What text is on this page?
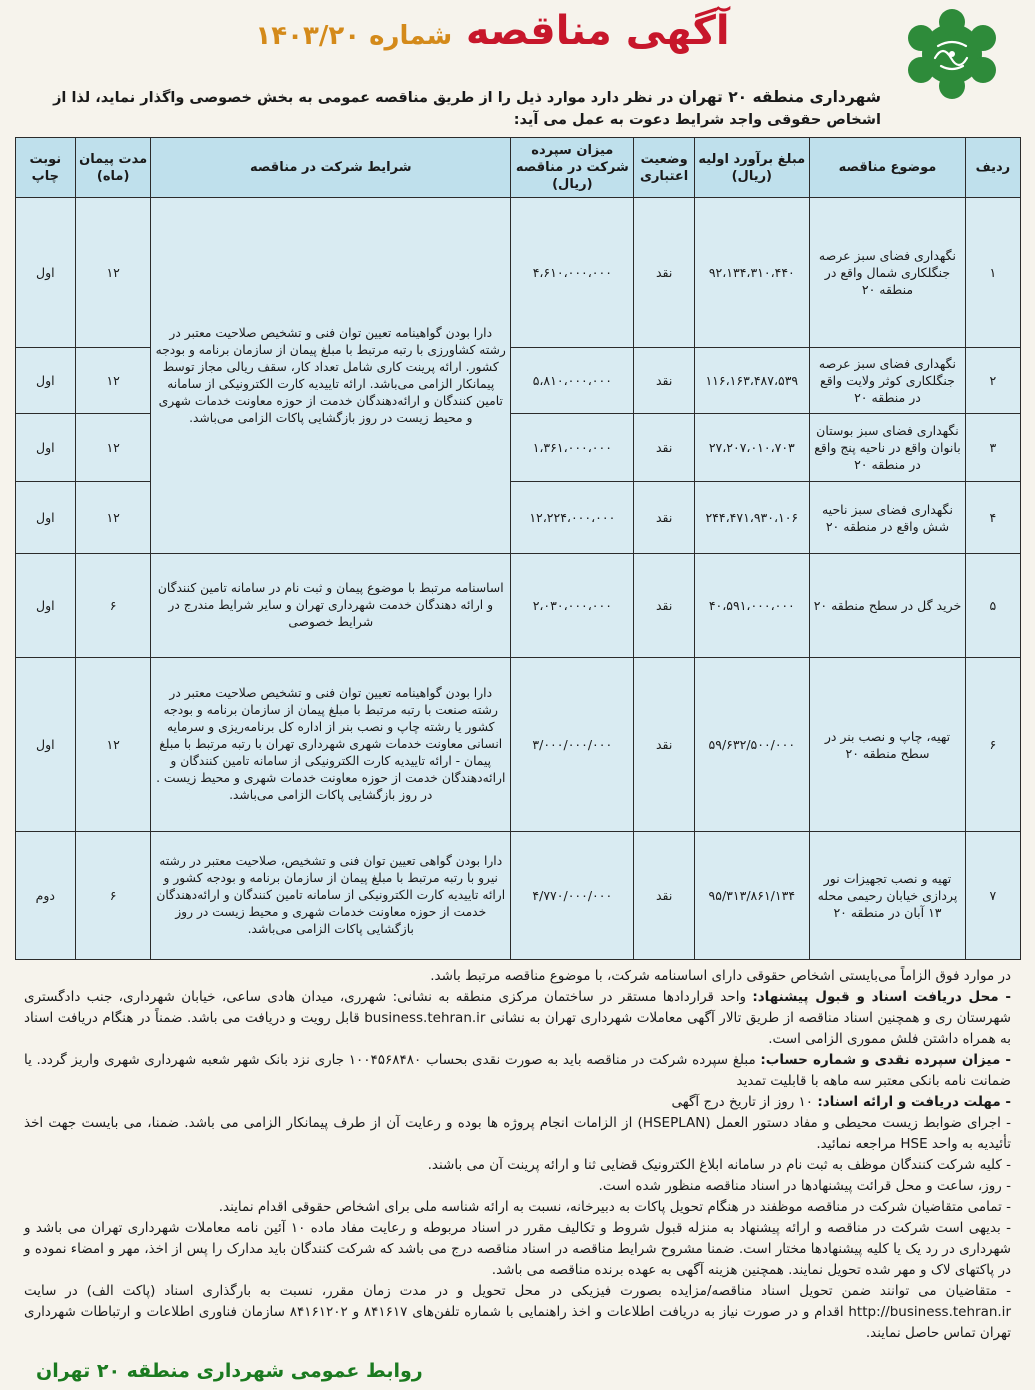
آگهی مناقصه شماره ۱۴۰۳/۲۰
شهرداری منطقه ۲۰ تهران در نظر دارد موارد ذیل را از طریق مناقصه عمومی به بخش خصوصی واگذار نماید، لذا از اشخاص حقوقی واجد شرایط دعوت به عمل می آید:
ردیف	موضوع مناقصه	مبلغ برآورد اولیه (ریال)	وضعیت اعتباری	میزان سپرده شرکت در مناقصه (ریال)	شرایط شرکت در مناقصه	مدت پیمان (ماه)	نوبت چاپ
۱	نگهداری فضای سبز عرصه جنگلکاری شمال واقع در منطقه ۲۰	۹۲،۱۳۴،۳۱۰،۴۴۰	نقد	۴،۶۱۰،۰۰۰،۰۰۰	دارا بودن گواهینامه تعیین توان فنی و تشخیص صلاحیت معتبر در رشته کشاورزی با رتبه مرتبط با مبلغ پیمان از سازمان برنامه و بودجه کشور. ارائه پرینت کاری شامل تعداد کار، سقف ریالی مجاز توسط پیمانکار الزامی می‌باشد. ارائه تاییدیه کارت الکترونیکی از سامانه تامین کنندگان و ارائه‌دهندگان خدمت از حوزه معاونت خدمات شهری و محیط زیست در روز بازگشایی پاکات الزامی می‌باشد.	۱۲	اول
۲	نگهداری فضای سبز عرصه جنگلکاری کوثر ولایت واقع در منطقه ۲۰	۱۱۶،۱۶۳،۴۸۷،۵۳۹	نقد	۵،۸۱۰،۰۰۰،۰۰۰		۱۲	اول
۳	نگهداری فضای سبز بوستان بانوان واقع در ناحیه پنج واقع در منطقه ۲۰	۲۷،۲۰۷،۰۱۰،۷۰۳	نقد	۱،۳۶۱،۰۰۰،۰۰۰		۱۲	اول
۴	نگهداری فضای سبز ناحیه شش واقع در منطقه ۲۰	۲۴۴،۴۷۱،۹۳۰،۱۰۶	نقد	۱۲،۲۲۴،۰۰۰،۰۰۰		۱۲	اول
۵	خرید گل در سطح منطقه ۲۰	۴۰،۵۹۱،۰۰۰،۰۰۰	نقد	۲،۰۳۰،۰۰۰،۰۰۰	اساسنامه مرتبط با موضوع پیمان و ثبت نام در سامانه تامین کنندگان و ارائه دهندگان خدمت شهرداری تهران و سایر شرایط مندرج در شرایط خصوصی	۶	اول
۶	تهیه، چاپ و نصب بنر در سطح منطقه ۲۰	۵۹/۶۳۲/۵۰۰/۰۰۰	نقد	۳/۰۰۰/۰۰۰/۰۰۰	دارا بودن گواهینامه تعیین توان فنی و تشخیص صلاحیت معتبر در رشته صنعت با رتبه مرتبط با مبلغ پیمان از سازمان برنامه و بودجه کشور یا رشته چاپ و نصب بنر از اداره کل برنامه‌ریزی و سرمایه انسانی معاونت خدمات شهری شهرداری تهران با رتبه مرتبط با مبلغ پیمان - ارائه تاییدیه کارت الکترونیکی از سامانه تامین کنندگان و ارائه‌دهندگان خدمت از حوزه معاونت خدمات شهری و محیط زیست . در روز بازگشایی پاکات الزامی می‌باشد.	۱۲	اول
۷	تهیه و نصب تجهیزات نور پردازی خیابان رحیمی محله ۱۳ آبان در منطقه ۲۰	۹۵/۳۱۳/۸۶۱/۱۳۴	نقد	۴/۷۷۰/۰۰۰/۰۰۰	دارا بودن گواهی تعیین توان فنی و تشخیص، صلاحیت معتبر در رشته نیرو با رتبه مرتبط با مبلغ پیمان از سازمان برنامه و بودجه کشور و ارائه تاییدیه کارت الکترونیکی از سامانه تامین کنندگان و ارائه‌دهندگان خدمت از حوزه معاونت خدمات شهری و محیط زیست در روز بازگشایی پاکات الزامی می‌باشد.	۶	دوم

در موارد فوق الزاماً می‌بایستی اشخاص حقوقی دارای اساسنامه شرکت، با موضوع مناقصه مرتبط باشد.

- محل دریافت اسناد و قبول پیشنهاد: واحد قراردادها مستقر در ساختمان مرکزی منطقه به نشانی: شهرری، میدان هادی ساعی، خیابان شهرداری، جنب دادگستری شهرستان ری و همچنین اسناد مناقصه از طریق تالار آگهی معاملات شهرداری تهران به نشانی business.tehran.ir قابل رویت و دریافت می باشد. ضمناً در هنگام دریافت اسناد به همراه داشتن فلش مموری الزامی است.

- میزان سپرده نقدی و شماره حساب: مبلغ سپرده شرکت در مناقصه باید به صورت نقدی بحساب ۱۰۰۴۵۶۸۴۸۰ جاری نزد بانک شهر شعبه شهرداری شهری واریز گردد. یا ضمانت نامه بانکی معتبر سه ماهه با قابلیت تمدید

- مهلت دریافت و ارائه اسناد: ۱۰ روز از تاریخ درج آگهی

- اجرای ضوابط زیست محیطی و مفاد دستور العمل (HSEPLAN) از الزامات انجام پروژه ها بوده و رعایت آن از طرف پیمانکار الزامی می باشد. ضمنا، می بایست جهت اخذ تأئیدیه به واحد HSE مراجعه نمائید.

- کلیه شرکت کنندگان موظف به ثبت نام در سامانه ابلاغ الکترونیک قضایی ثنا و ارائه پرینت آن می باشند.

- روز، ساعت و محل قرائت پیشنهادها در اسناد مناقصه منظور شده است.

- تمامی متقاضیان شرکت در مناقصه موظفند در هنگام تحویل پاکات به دبیرخانه، نسبت به ارائه شناسه ملی برای اشخاص حقوقی اقدام نمایند.

- بدیهی است شرکت در مناقصه و ارائه پیشنهاد به منزله قبول شروط و تکالیف مقرر در اسناد مربوطه و رعایت مفاد ماده ۱۰ آئین نامه معاملات شهرداری تهران می باشد و شهرداری در رد یک یا کلیه پیشنهادها مختار است. ضمنا مشروح شرایط مناقصه در اسناد مناقصه درج می باشد که شرکت کنندگان باید مدارک را پس از اخذ، مهر و امضاء نموده و در پاکتهای لاک و مهر شده تحویل نمایند. همچنین هزینه آگهی به عهده برنده مناقصه می باشد.

- متقاضیان می توانند ضمن تحویل اسناد مناقصه/مزایده بصورت فیزیکی در محل تحویل و در مدت زمان مقرر، نسبت به بارگذاری اسناد (پاکت الف) در سایت http://business.tehran.ir اقدام و در صورت نیاز به دریافت اطلاعات و اخذ راهنمایی با شماره تلفن‌های ۸۴۱۶۱۷ و ۸۴۱۶۱۲۰۲ سازمان فناوری اطلاعات و ارتباطات شهرداری تهران تماس حاصل نمایند.

روابط عمومی شهرداری منطقه ۲۰ تهران
